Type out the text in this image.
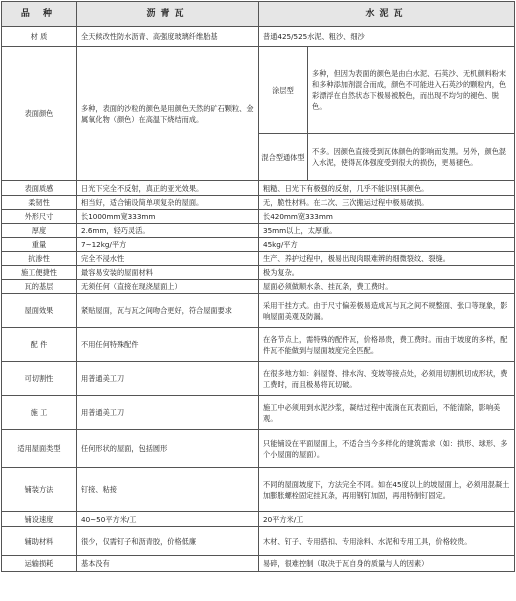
品 种	沥青瓦	水泥瓦	
材 质	全天候改性防水沥青、高强度玻璃纤维胎基	普通425/525水泥、粗沙、细沙	
表面颜色	多种，表面的沙粒的颜色是用颜色天然的矿石颗粒、金属氧化物（颜色）在高温下烧结而成。	涂层型	多种，但因为表面的颜色是由白水泥、石英沙、无机颜料粉末和多种添加剂混合而成，颜色不可能进入石英沙的颗粒内，色彩漂浮在自然状态下极易被脱色，而出现不均匀的褪色、脱色。
		混合型通体型	不多。因颜色直接受到瓦体颜色的影响而发黑。另外，颜色混入水泥，使得瓦体强度受到很大的损伤，更易褪色。
表面质感	日光下完全不反射，真正的亚光效果。	粗糙、日光下有极强的反射，几乎不能识别其颜色。	
柔韧性	相当好，适合铺设简单项复杂的屋面。	无，脆性材料。在二次、三次搬运过程中极易破损。	
外形尺寸	长1000mm宽333mm	长420mm宽333mm	
厚度	2.6mm，轻巧灵活。	35mm以上，太厚重。	
重量	7~12kg/平方	45kg/平方	
抗渗性	完全不浸水性	生产、养护过程中，极易出现肉眼难辨的细微裂纹、裂缝。	
施工便捷性	最容易安装的屋面材料	极为复杂。	
瓦的基层	无须任何（直接在现浇屋面上）	屋面必须做顺水条、挂瓦条，费工费时。	
屋面效果	紧贴屋面，瓦与瓦之间吻合更好，符合屋面要求	采用干挂方式。由于尺寸偏差极易造成瓦与瓦之间不规整面、张口等现象，影响屋面美观及防漏。	
配 件	不用任何特殊配件	在各节点上，需特殊的配件瓦，价格昂贵，费工费时。而由于坡度的多样，配件瓦不能做到与屋面坡度完全匹配。	
可切割性	用普通美工刀	在很多地方如：斜屋脊、排水沟、变坡等接点处，必须用切割机切成形状，费工费时，而且极易将瓦切破。	
施 工	用普通美工刀	施工中必须用到水泥沙浆，凝结过程中流淌在瓦表面后，不能清除，影响美观。	
适用屋面类型	任何形状的屋面，包括圆形	只能铺设在平面屋面上，不适合当今多样化的建筑需求（如：拱形、球形、多个小屋面的屋面）。	
铺装方法	钉接、粘接	不同的屋面坡度下，方法完全不同。如在45度以上的坡屋面上，必须用混凝土加膨胀螺栓固定挂瓦条，再用钢钉加固，再用特制钉固定。	
铺设速度	40~50平方米/工	20平方米/工	
辅助材料	很少，仅需钉子和沥青胶，价格低廉	木材、钉子、专用搭扣、专用涂料、水泥和专用工具，价格较贵。	
运输损耗	基本没有	易碎，很难控制（取决于瓦自身的质量与人的因素）	
